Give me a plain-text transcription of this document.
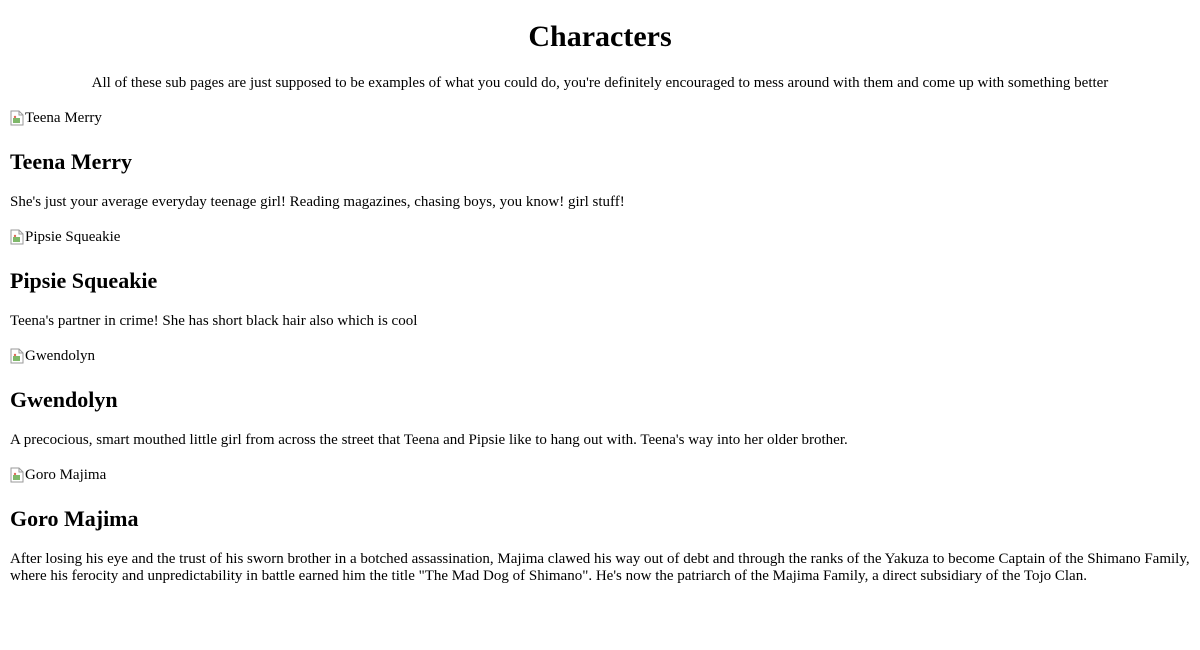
Characters

All of these sub pages are just supposed to be examples of what you could do, you're definitely encouraged to mess around with them and come up with something better

Teena Merry
Teena Merry

She's just your average everyday teenage girl! Reading magazines, chasing boys, you know! girl stuff!

Pipsie Squeakie
Pipsie Squeakie

Teena's partner in crime! She has short black hair also which is cool

Gwendolyn
Gwendolyn

A precocious, smart mouthed little girl from across the street that Teena and Pipsie like to hang out with. Teena's way into her older brother.

Goro Majima
Goro Majima

After losing his eye and the trust of his sworn brother in a botched assassination, Majima clawed his way out of debt and through the ranks of the Yakuza to become Captain of the Shimano Family, where his ferocity and unpredictability in battle earned him the title "The Mad Dog of Shimano". He's now the patriarch of the Majima Family, a direct subsidiary of the Tojo Clan.
